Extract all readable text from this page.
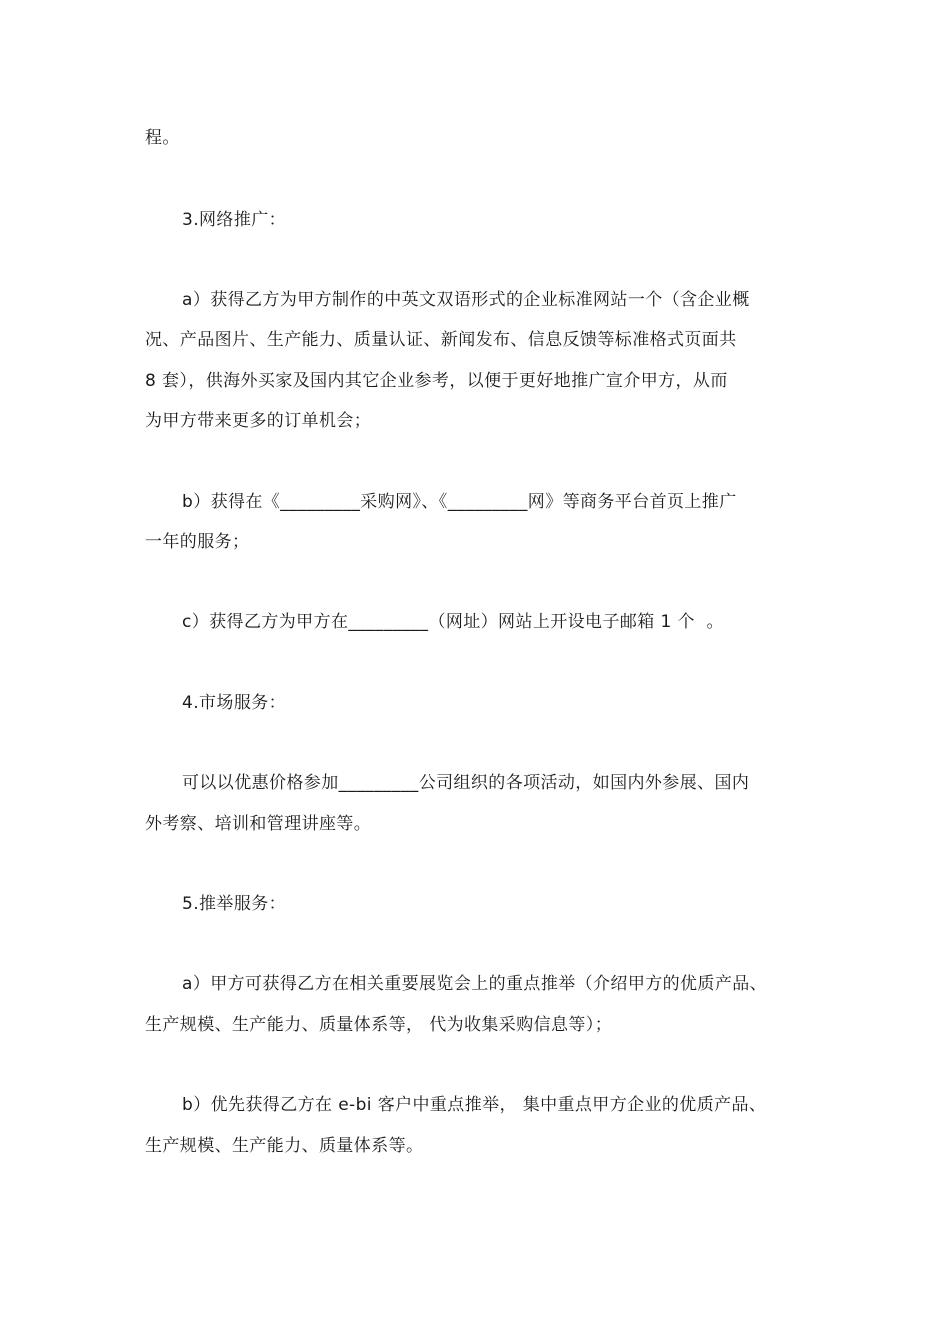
程。
3.网络推广：
a）获得乙方为甲方制作的中英文双语形式的企业标准网站一个（含企业概
况、产品图片、生产能力、质量认证、新闻发布、信息反馈等标准格式页面共
8 套），供海外买家及国内其它企业参考，以便于更好地推广宣介甲方，从而
为甲方带来更多的订单机会；
b）获得在《_________采购网》、《_________网》等商务平台首页上推广
一年的服务；
c）获得乙方为甲方在_________（网址）网站上开设电子邮箱 1 个  。
4.市场服务：
可以以优惠价格参加_________公司组织的各项活动，如国内外参展、国内
外考察、培训和管理讲座等。
5.推举服务：
a）甲方可获得乙方在相关重要展览会上的重点推举（介绍甲方的优质产品、
生产规模、生产能力、质量体系等， 代为收集采购信息等）；
b）优先获得乙方在 e-bi 客户中重点推举， 集中重点甲方企业的优质产品、
生产规模、生产能力、质量体系等。
